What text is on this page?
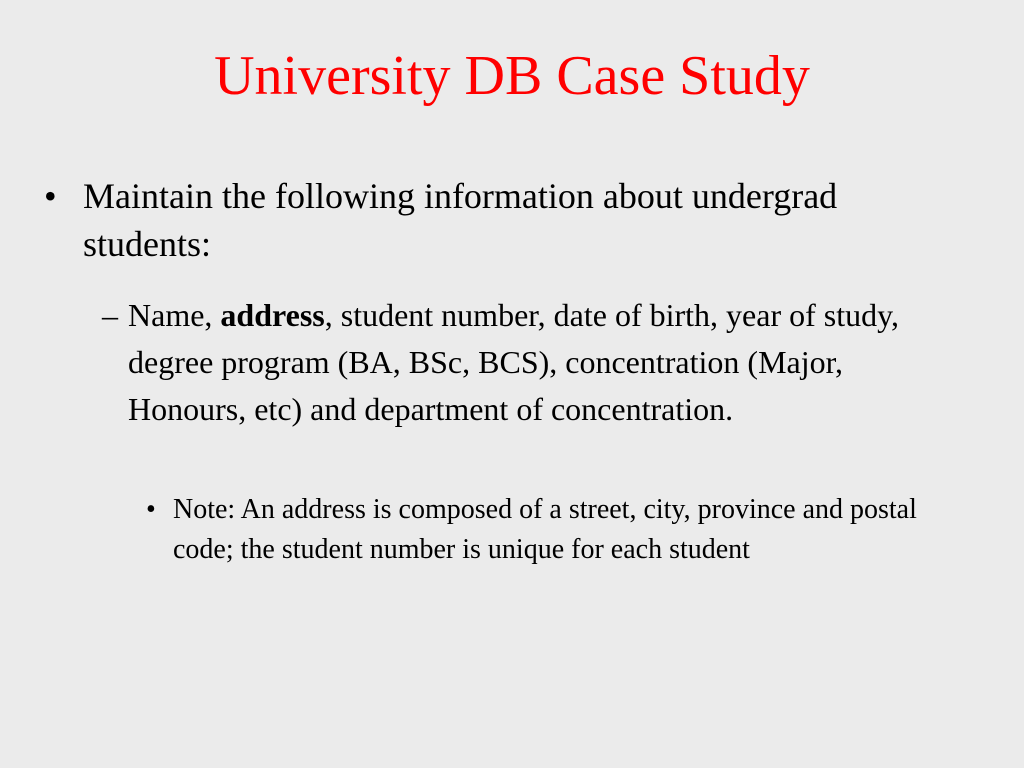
University DB Case Study
• Maintain the following information about undergrad students:
– Name, address, student number, date of birth, year of study, degree program (BA, BSc, BCS), concentration (Major, Honours, etc) and department of concentration.
• Note: An address is composed of a street, city, province and postal code; the student number is unique for each student
